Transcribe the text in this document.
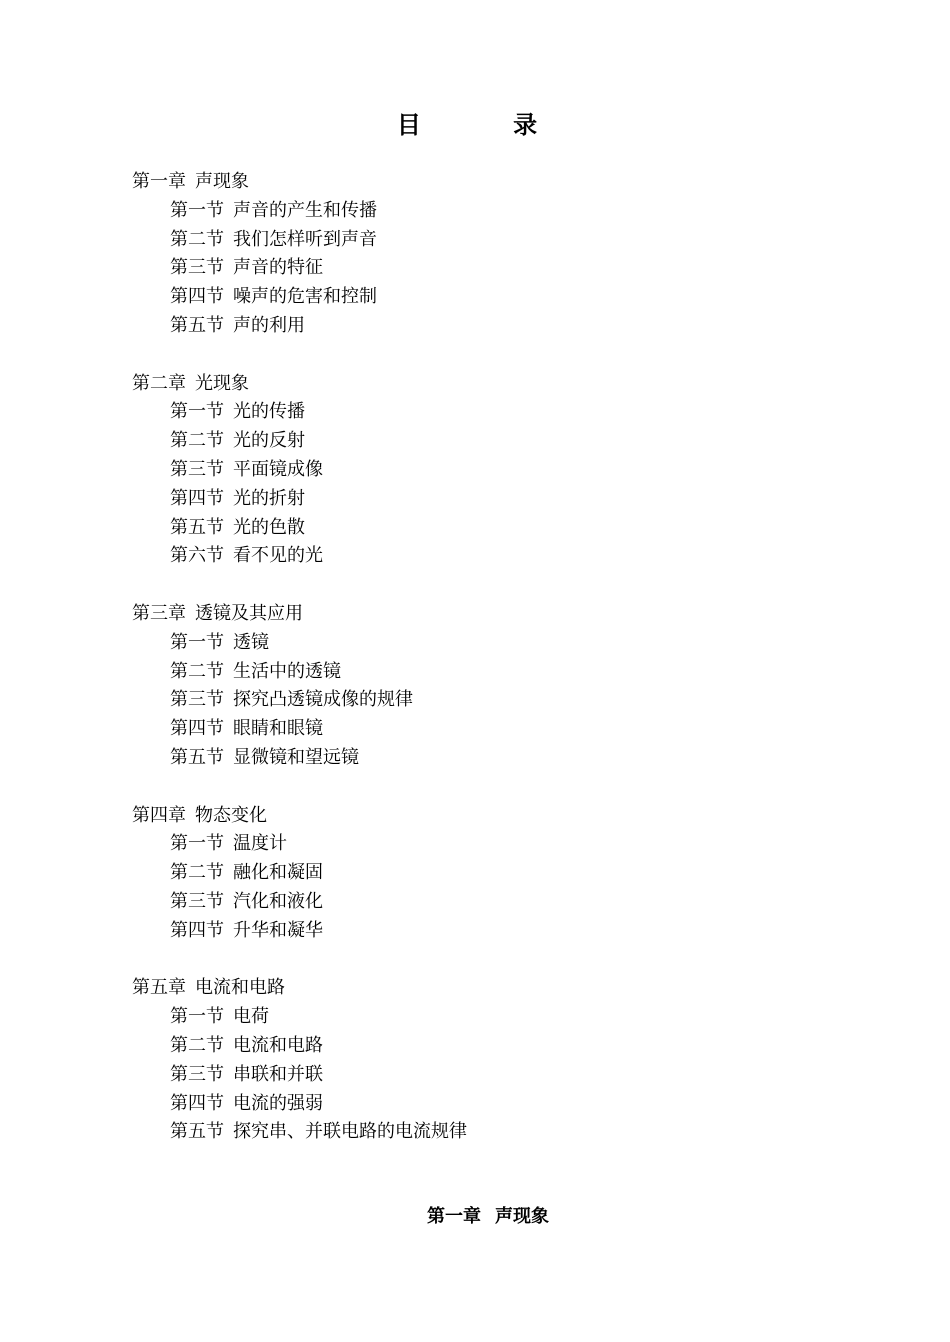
目 录
第一章 声现象
第一节 声音的产生和传播
第二节 我们怎样听到声音
第三节 声音的特征
第四节 噪声的危害和控制
第五节 声的利用
第二章 光现象
第一节 光的传播
第二节 光的反射
第三节 平面镜成像
第四节 光的折射
第五节 光的色散
第六节 看不见的光
第三章 透镜及其应用
第一节 透镜
第二节 生活中的透镜
第三节 探究凸透镜成像的规律
第四节 眼睛和眼镜
第五节 显微镜和望远镜
第四章 物态变化
第一节 温度计
第二节 融化和凝固
第三节 汽化和液化
第四节 升华和凝华
第五章 电流和电路
第一节 电荷
第二节 电流和电路
第三节 串联和并联
第四节 电流的强弱
第五节 探究串、并联电路的电流规律
第一章 声现象
